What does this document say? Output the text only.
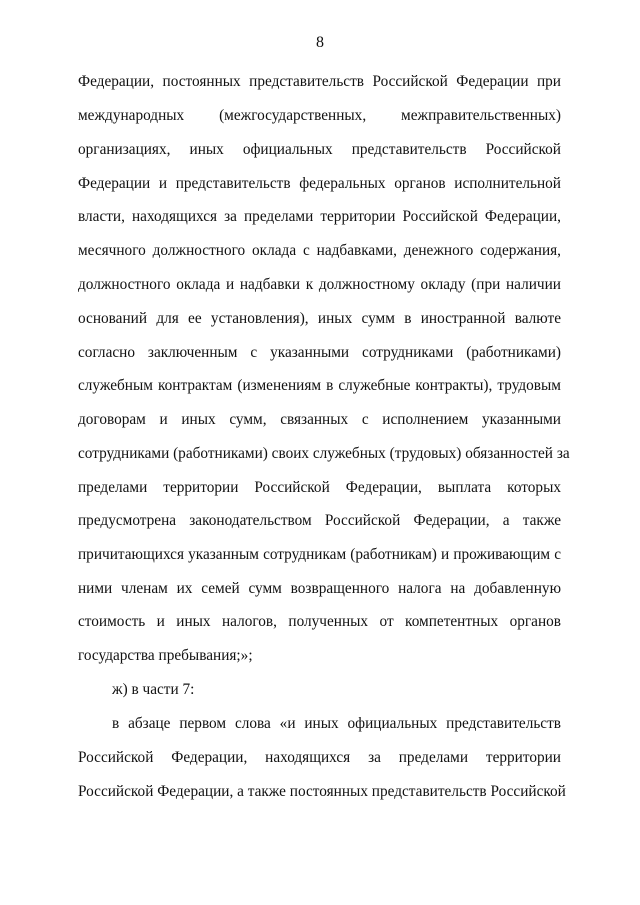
8
Федерации, постоянных представительств Российской Федерации при
международных (межгосударственных, межправительственных)
организациях, иных официальных представительств Российской
Федерации и представительств федеральных органов исполнительной
власти, находящихся за пределами территории Российской Федерации,
месячного должностного оклада с надбавками, денежного содержания,
должностного оклада и надбавки к должностному окладу (при наличии
оснований для ее установления), иных сумм в иностранной валюте
согласно заключенным с указанными сотрудниками (работниками)
служебным контрактам (изменениям в служебные контракты), трудовым
договорам и иных сумм, связанных с исполнением указанными
сотрудниками (работниками) своих служебных (трудовых) обязанностей за
пределами территории Российской Федерации, выплата которых
предусмотрена законодательством Российской Федерации, а также
причитающихся указанным сотрудникам (работникам) и проживающим с
ними членам их семей сумм возвращенного налога на добавленную
стоимость и иных налогов, полученных от компетентных органов
государства пребывания;»;
ж) в части 7:
в абзаце первом слова «и иных официальных представительств
Российской Федерации, находящихся за пределами территории
Российской Федерации, а также постоянных представительств Российской
